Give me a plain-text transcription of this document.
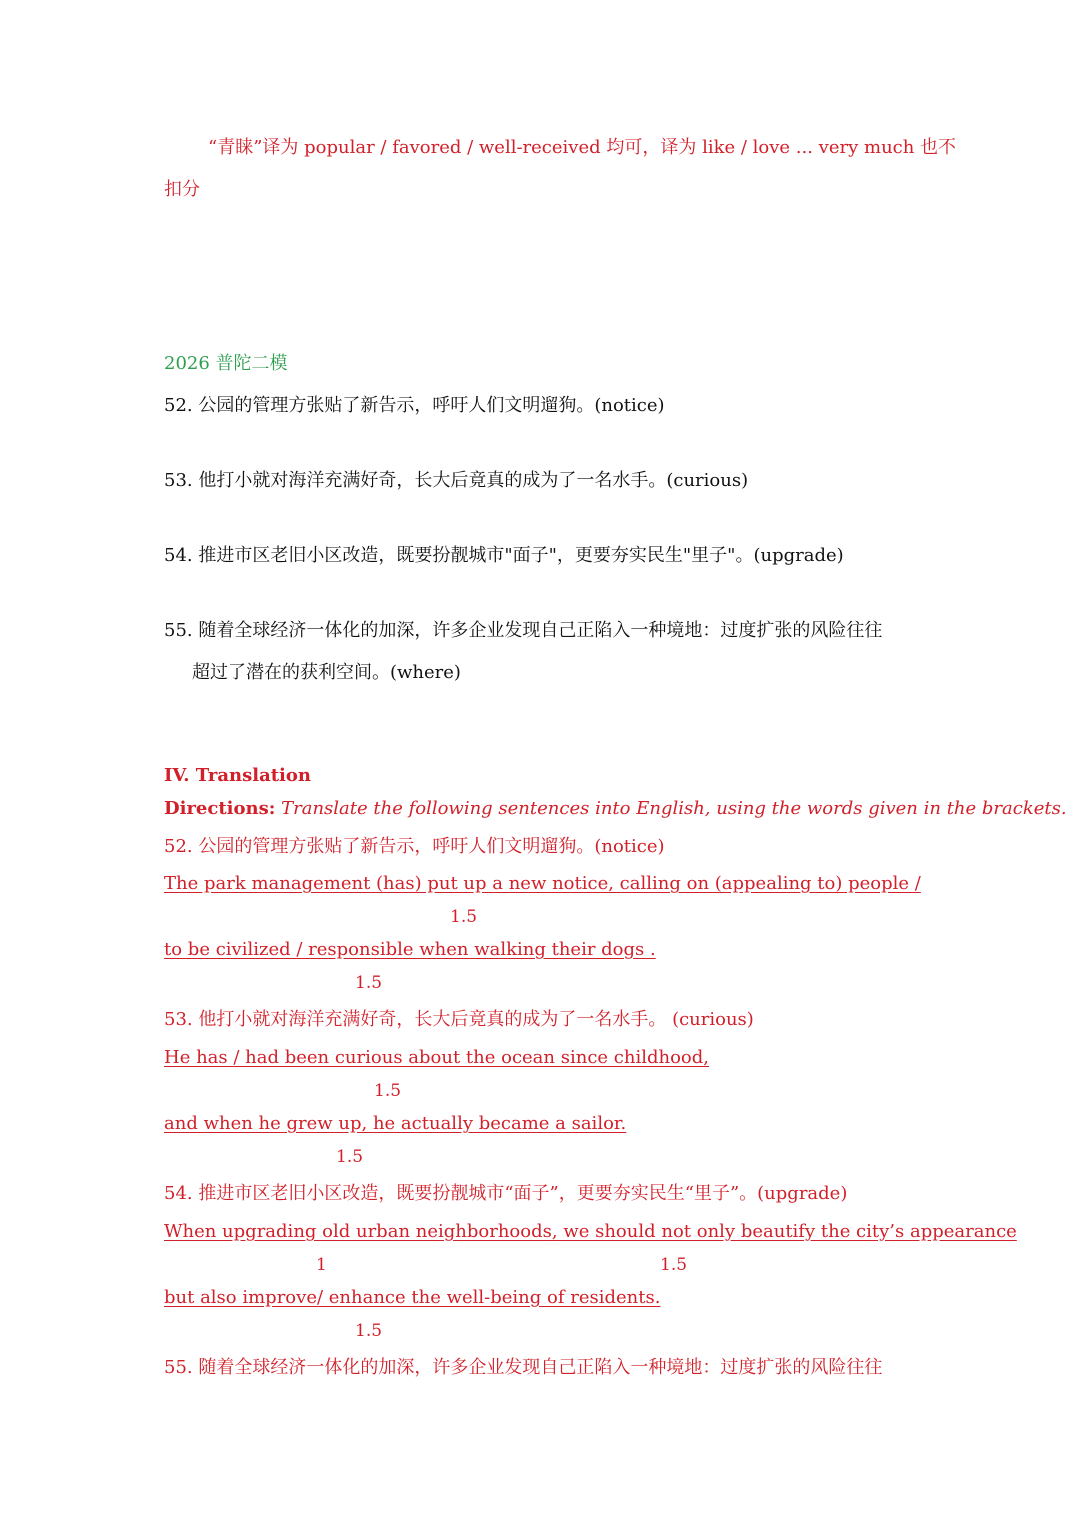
“青睐”译为 popular / favored / well-received 均可，译为 like / love ... very much 也不
扣分
2026 普陀二模
52. 公园的管理方张贴了新告示，呼吁人们文明遛狗。(notice)
53. 他打小就对海洋充满好奇，长大后竟真的成为了一名水手。(curious)
54. 推进市区老旧小区改造，既要扮靓城市"面子"，更要夯实民生"里子"。(upgrade)
55. 随着全球经济一体化的加深，许多企业发现自己正陷入一种境地：过度扩张的风险往往
超过了潜在的获利空间。(where)
IV. Translation
Directions: Translate the following sentences into English, using the words given in the brackets.
52. 公园的管理方张贴了新告示，呼吁人们文明遛狗。(notice)
The park management (has) put up a new notice, calling on (appealing to) people /
1.5
to be civilized / responsible when walking their dogs .
1.5
53. 他打小就对海洋充满好奇，长大后竟真的成为了一名水手。 (curious)
He has / had been curious about the ocean since childhood,
1.5
and when he grew up, he actually became a sailor.
1.5
54. 推进市区老旧小区改造，既要扮靓城市“面子”，更要夯实民生“里子”。(upgrade)
When upgrading old urban neighborhoods, we should not only beautify the city’s appearance
1	1.5
but also improve/ enhance the well-being of residents.
1.5
55. 随着全球经济一体化的加深，许多企业发现自己正陷入一种境地：过度扩张的风险往往
